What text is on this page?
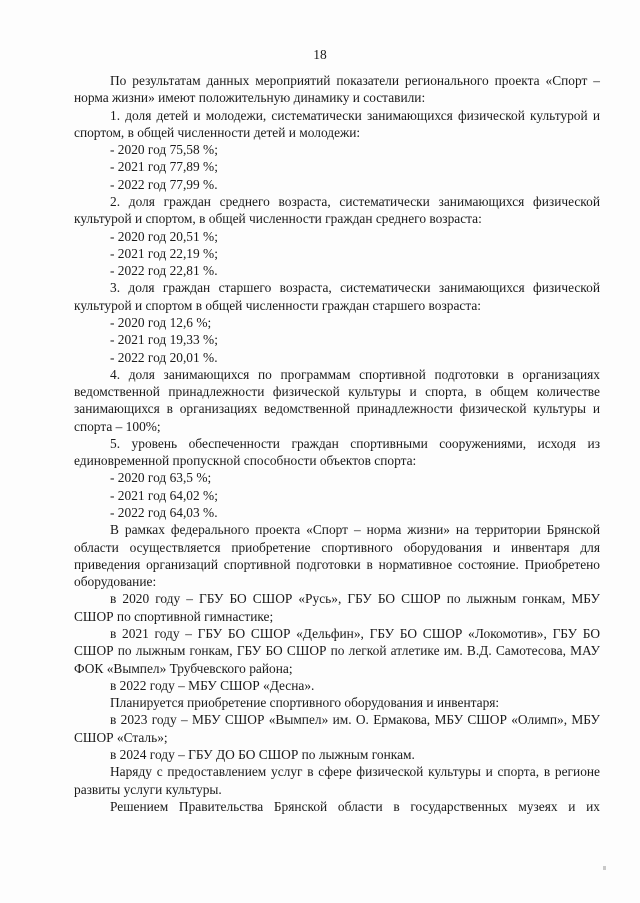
18

По результатам данных мероприятий показатели регионального проекта «Спорт – норма жизни» имеют положительную динамику и составили:

1. доля детей и молодежи, систематически занимающихся физической культурой и спортом, в общей численности детей и молодежи:

- 2020 год 75,58 %;

- 2021 год 77,89 %;

- 2022 год 77,99 %.

2. доля граждан среднего возраста, систематически занимающихся физической культурой и спортом, в общей численности граждан среднего возраста:

- 2020 год 20,51 %;

- 2021 год 22,19 %;

- 2022 год 22,81 %.

3. доля граждан старшего возраста, систематически занимающихся физической культурой и спортом в общей численности граждан старшего возраста:

- 2020 год 12,6 %;

- 2021 год 19,33 %;

- 2022 год 20,01 %.

4. доля занимающихся по программам спортивной подготовки в организациях ведомственной принадлежности физической культуры и спорта, в общем количестве занимающихся в организациях ведомственной принадлежности физической культуры и спорта – 100%;

5. уровень обеспеченности граждан спортивными сооружениями, исходя из единовременной пропускной способности объектов спорта:

- 2020 год 63,5 %;

- 2021 год 64,02 %;

- 2022 год 64,03 %.

В рамках федерального проекта «Спорт – норма жизни» на территории Брянской области осуществляется приобретение спортивного оборудования и инвентаря для приведения организаций спортивной подготовки в нормативное состояние. Приобретено оборудование:

в 2020 году – ГБУ БО СШОР «Русь», ГБУ БО СШОР по лыжным гонкам, МБУ СШОР по спортивной гимнастике;

в 2021 году – ГБУ БО СШОР «Дельфин», ГБУ БО СШОР «Локомотив», ГБУ БО СШОР по лыжным гонкам, ГБУ БО СШОР по легкой атлетике им. В.Д. Самотесова, МАУ ФОК «Вымпел» Трубчевского района;

в 2022 году – МБУ СШОР «Десна».

Планируется приобретение спортивного оборудования и инвентаря:

в 2023 году – МБУ СШОР «Вымпел» им. О. Ермакова, МБУ СШОР «Олимп», МБУ СШОР «Сталь»;

в 2024 году – ГБУ ДО БО СШОР по лыжным гонкам.

Наряду с предоставлением услуг в сфере физической культуры и спорта, в регионе развиты услуги культуры.

Решением Правительства Брянской области в государственных музеях и их
